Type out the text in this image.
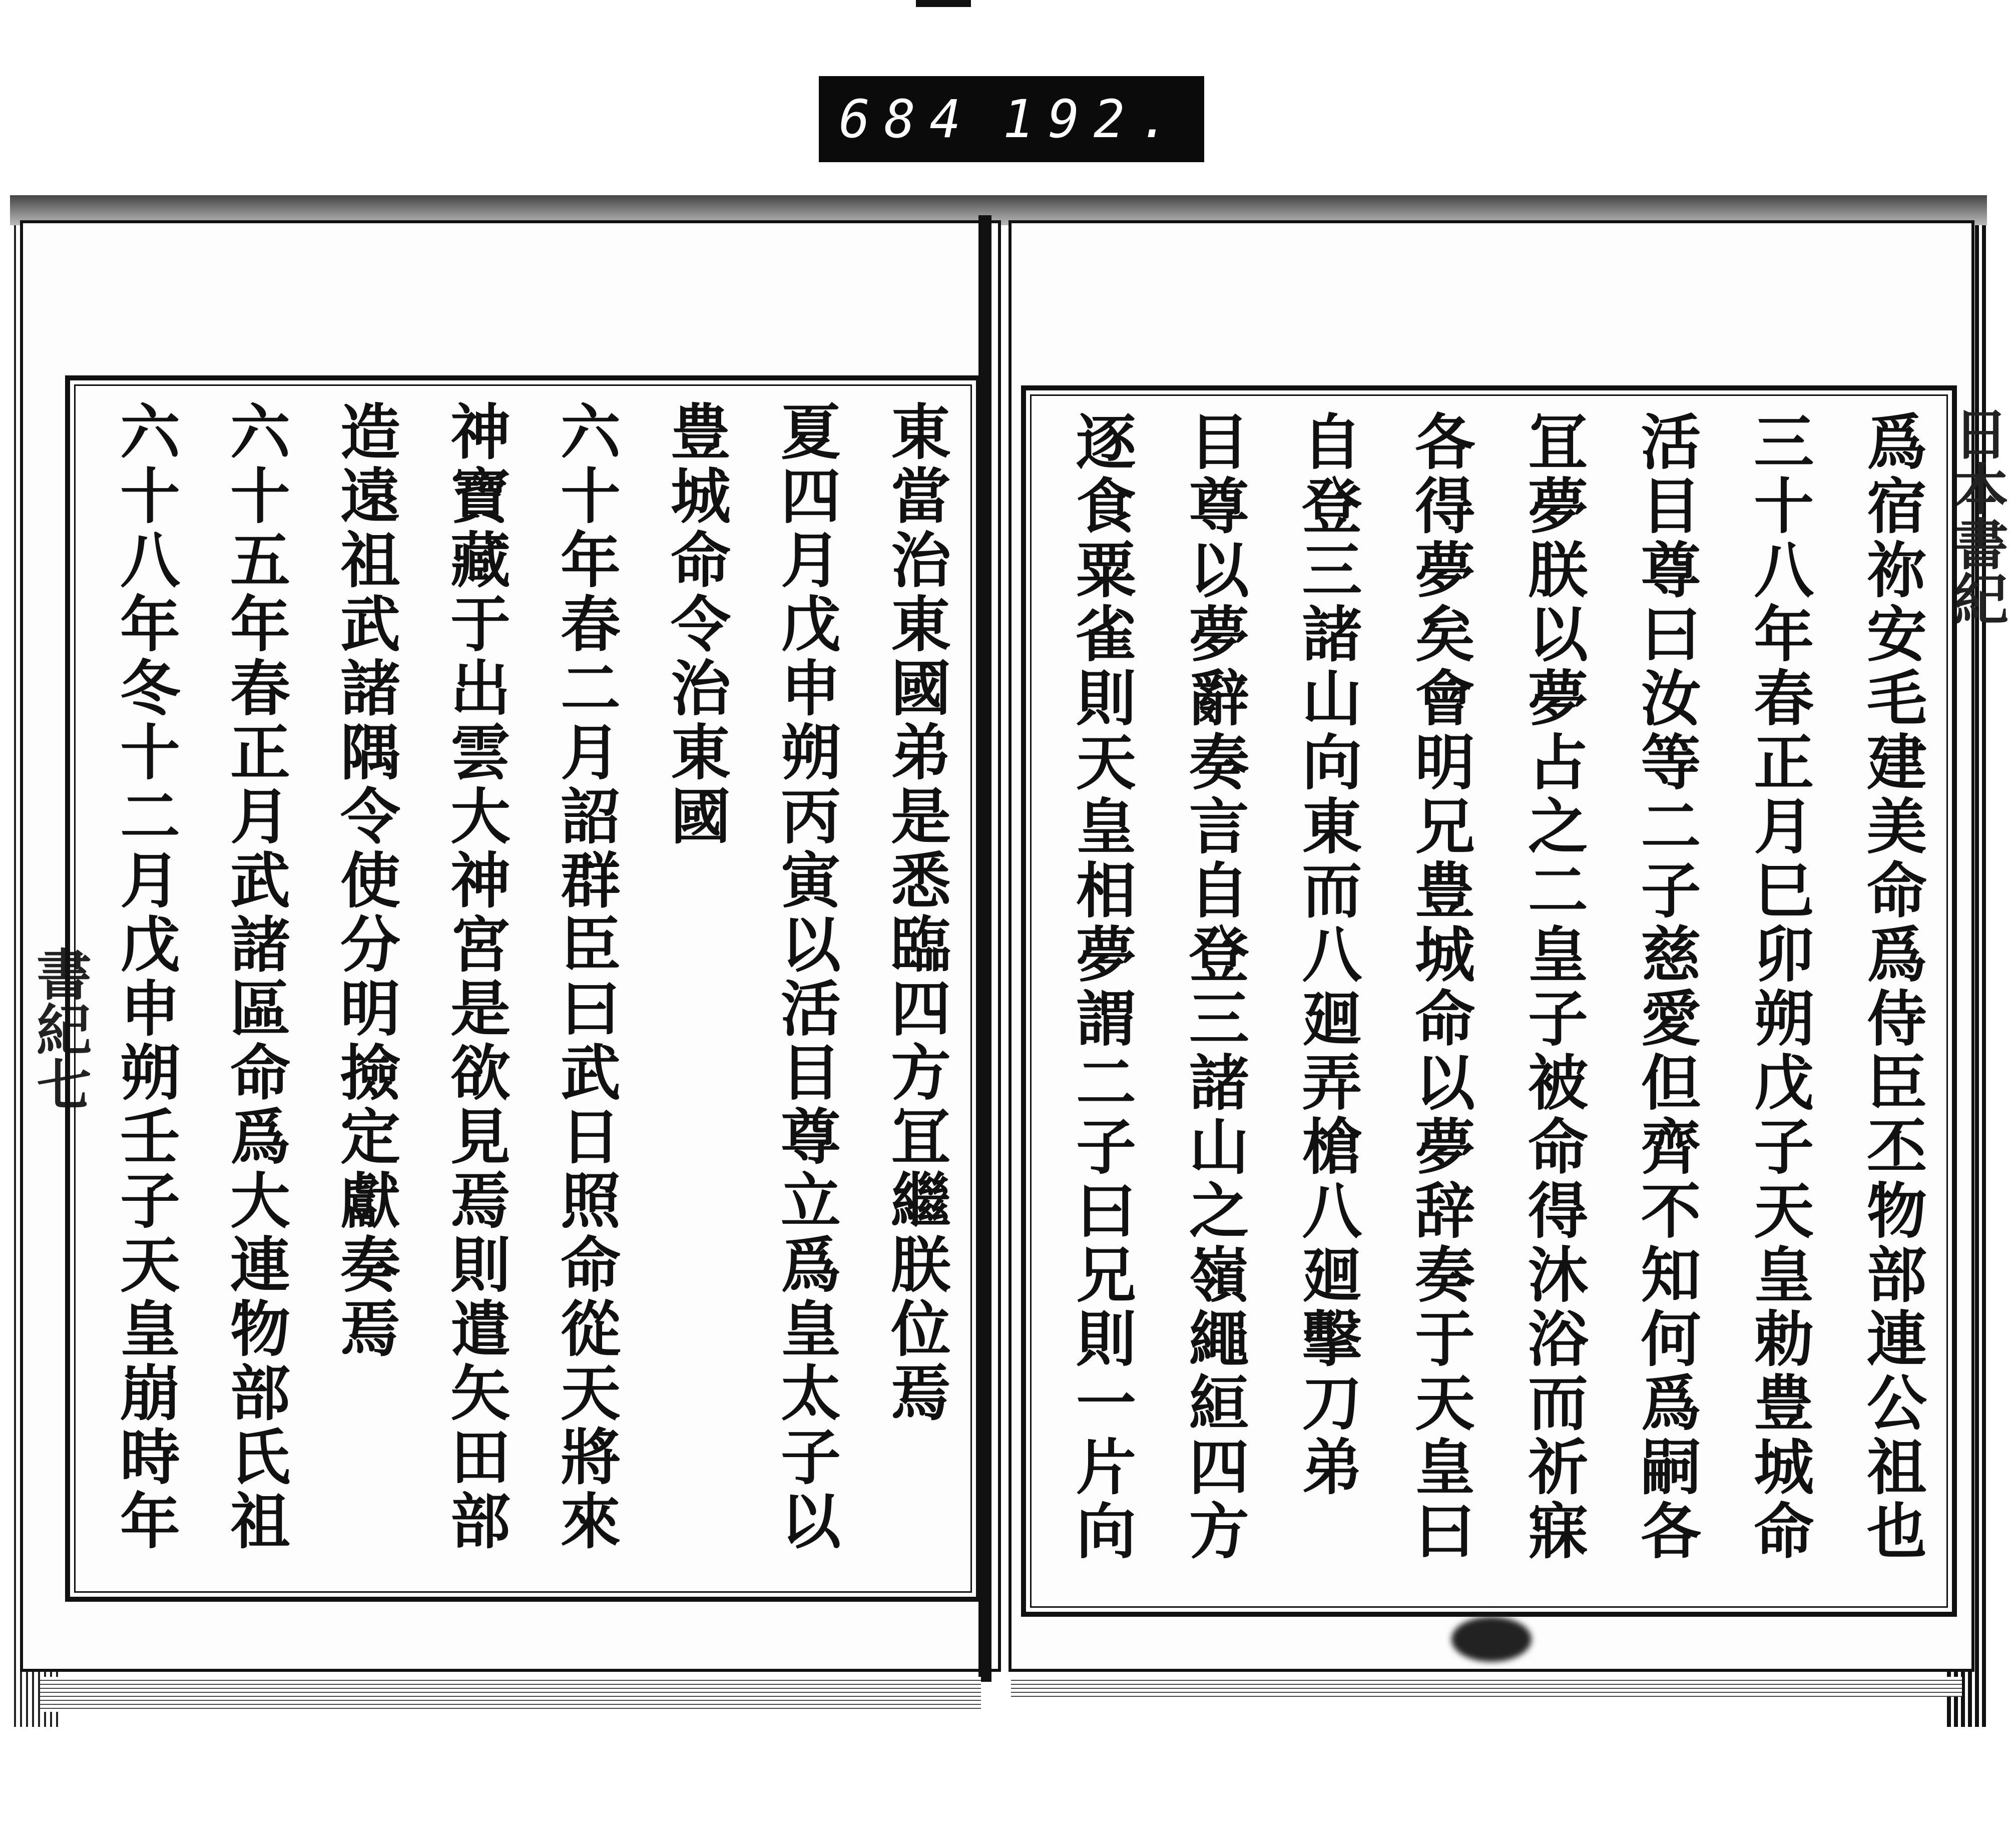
684 192.
書紀七
日本書紀
東當治東國弟是悉臨四方冝繼朕位焉
夏四月戊申朔丙寅以活目尊立爲皇太子以
豊城命令治東國
六十年春二月詔群臣曰武日照命從天將來
神寶藏于出雲大神宮是欲見焉則遣矢田部
造遠祖武諸隅令使分明撿定獻奏焉
六十五年春正月武諸區命爲大連物部氏祖
六十八年冬十二月戊申朔壬子天皇崩時年	爲宿祢安毛建美命爲侍臣丕物部連公祖也
三十八年春正月巳卯朔戊子天皇勅豊城命
活目尊曰汝等二子慈愛但齊不知何爲嗣各
冝夢朕以夢占之二皇子被命得沐浴而祈寐
各得夢矣會明兄豊城命以夢辞奏于天皇曰
自登三諸山向東而八廻弄槍八廻擊刀弟
目尊以夢辭奏言自登三諸山之嶺繩絙四方
逐食粟雀則天皇相夢謂二子曰兄則一片向
